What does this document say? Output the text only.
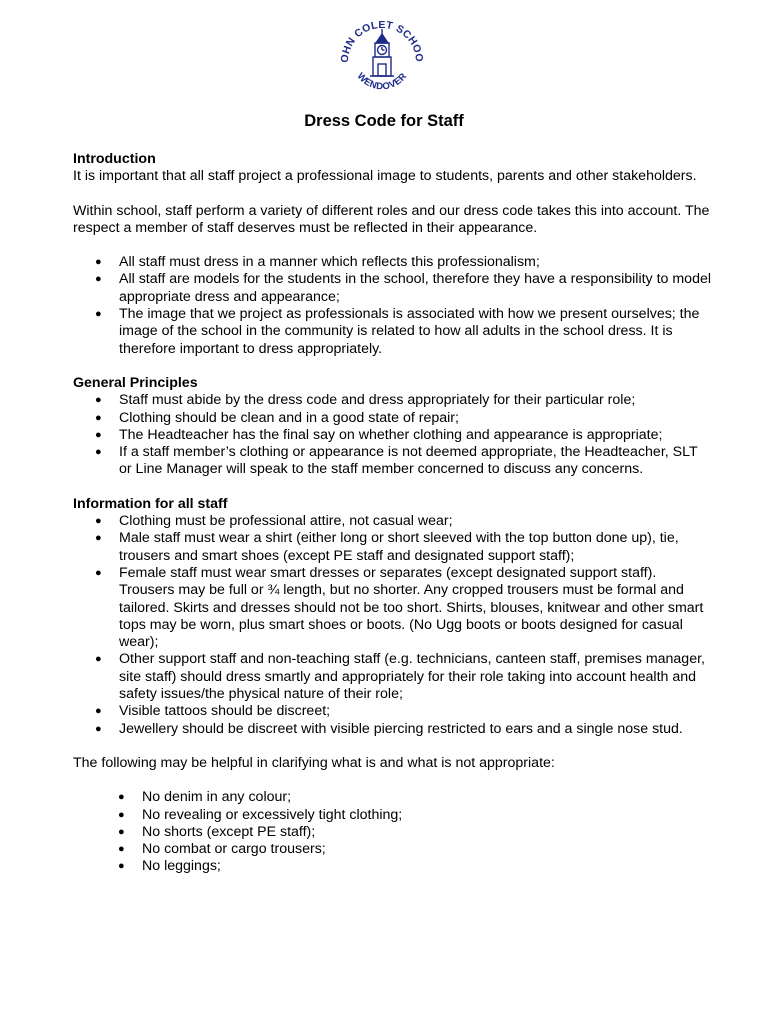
OHN COLET SCHOO
WENDOVER
Dress Code for Staff
Introduction
It is important that all staff project a professional image to students, parents and other stakeholders.
Within school, staff perform a variety of different roles and our dress code takes this into account. The respect a member of staff deserves must be reflected in their appearance.
● All staff must dress in a manner which reflects this professionalism;
● All staff are models for the students in the school, therefore they have a responsibility to model appropriate dress and appearance;
● The image that we project as professionals is associated with how we present ourselves; the image of the school in the community is related to how all adults in the school dress. It is therefore important to dress appropriately.
General Principles
● Staff must abide by the dress code and dress appropriately for their particular role;
● Clothing should be clean and in a good state of repair;
● The Headteacher has the final say on whether clothing and appearance is appropriate;
● If a staff member’s clothing or appearance is not deemed appropriate, the Headteacher, SLT or Line Manager will speak to the staff member concerned to discuss any concerns.
Information for all staff
● Clothing must be professional attire, not casual wear;
● Male staff must wear a shirt (either long or short sleeved with the top button done up), tie, trousers and smart shoes (except PE staff and designated support staff);
● Female staff must wear smart dresses or separates (except designated support staff). Trousers may be full or ¾ length, but no shorter. Any cropped trousers must be formal and tailored. Skirts and dresses should not be too short. Shirts, blouses, knitwear and other smart tops may be worn, plus smart shoes or boots. (No Ugg boots or boots designed for casual wear);
● Other support staff and non-teaching staff (e.g. technicians, canteen staff, premises manager, site staff) should dress smartly and appropriately for their role taking into account health and safety issues/the physical nature of their role;
● Visible tattoos should be discreet;
● Jewellery should be discreet with visible piercing restricted to ears and a single nose stud.
The following may be helpful in clarifying what is and what is not appropriate:
● No denim in any colour;
● No revealing or excessively tight clothing;
● No shorts (except PE staff);
● No combat or cargo trousers;
● No leggings;
